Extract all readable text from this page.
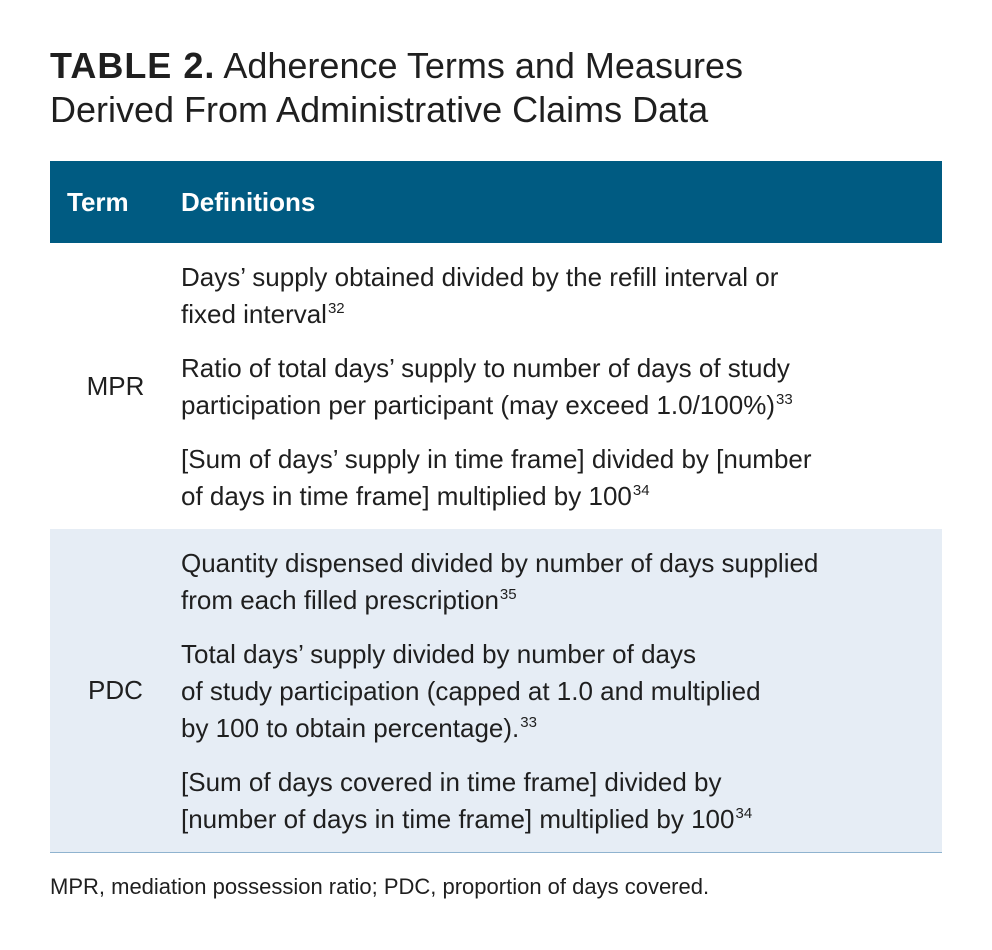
TABLE 2. Adherence Terms and Measures
Derived From Administrative Claims Data
Term	Definitions
MPR

Days’ supply obtained divided by the refill interval or
fixed interval$^{32}$

Ratio of total days’ supply to number of days of study
participation per participant (may exceed 1.0/100%)$^{33}$

[Sum of days’ supply in time frame] divided by [number
of days in time frame] multiplied by $100^{34}$

PDC

Quantity dispensed divided by number of days supplied
from each filled prescription$^{35}$

Total days’ supply divided by number of days
of study participation (capped at 1.0 and multiplied
by 100 to obtain percentage).$^{33}$

[Sum of days covered in time frame] divided by
[number of days in time frame] multiplied by $100^{34}$

MPR, mediation possession ratio; PDC, proportion of days covered.
